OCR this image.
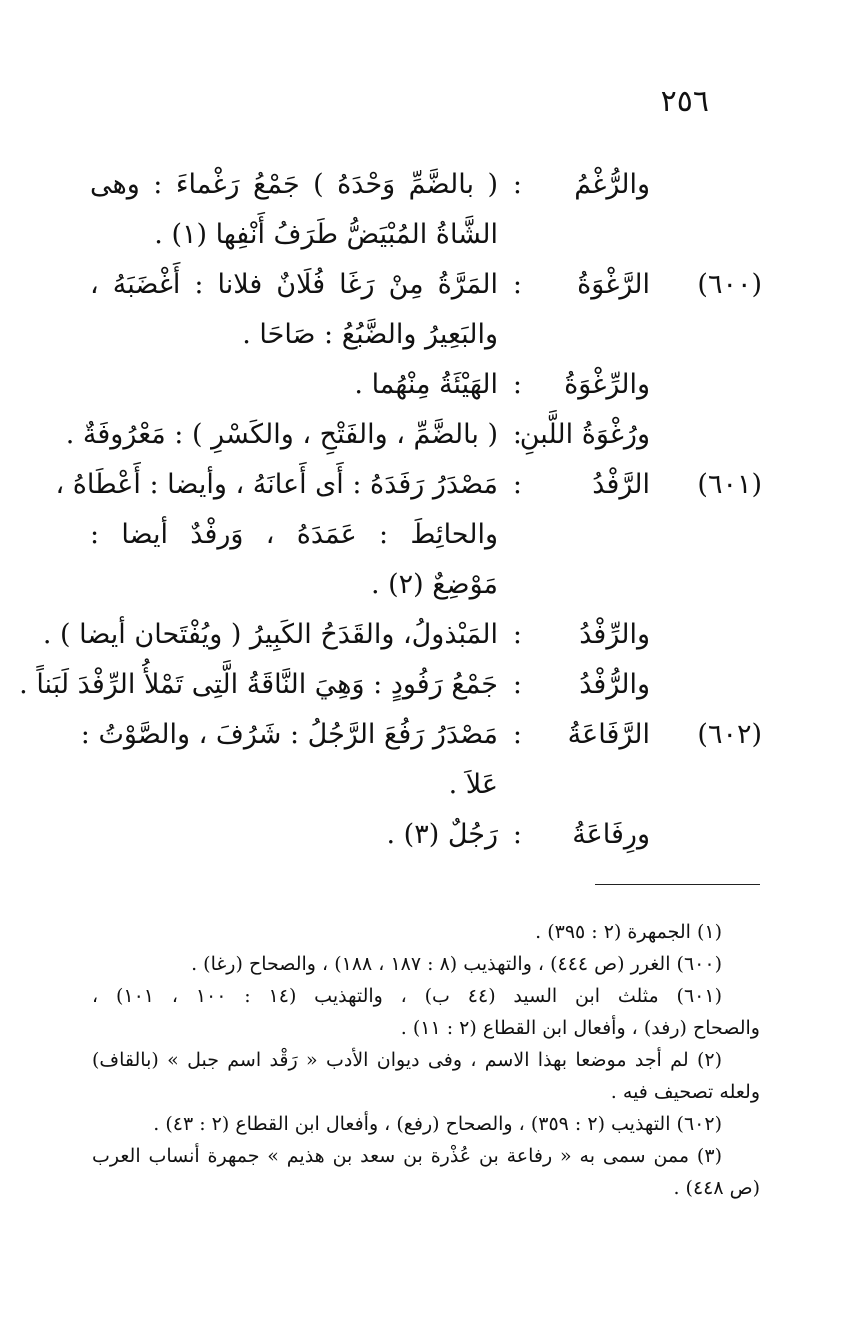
٢٥٦
والرُّغْمُ
:
( بالضَّمِّ وَحْدَهُ ) جَمْعُ رَغْماءَ : وهى
الشَّاةُ المُبْيَضُّ طَرَفُ أَنْفِها (١) .
(٦٠٠)
الرَّغْوَةُ
:
المَرَّةُ مِنْ رَغَا فُلَانٌ فلانا : أَغْضَبَهُ ،
والبَعِيرُ والضَّبُعُ : صَاحَا .
والرِّغْوَةُ
:
الهَيْئَةُ مِنْهُما .
ورُغْوَةُ اللَّبنِ
:
( بالضَّمِّ ، والفَتْحِ ، والكَسْرِ ) : مَعْرُوفَةٌ .
(٦٠١)
الرَّفْدُ
:
مَصْدَرُ رَفَدَهُ : أَى أَعانَهُ ، وأيضا : أَعْطَاهُ ،
والحائِطَ : عَمَدَهُ ، وَرفْدٌ أيضا :
مَوْضِعٌ (٢) .
والرِّفْدُ
:
المَبْذولُ، والقَدَحُ الكَبِيرُ ( ويُفْتَحان أيضا ) .
والرُّفْدُ
:
جَمْعُ رَفُودٍ : وَهِيَ النَّاقَةُ الَّتِى تَمْلأُ الرِّفْدَ لَبَناً .
(٦٠٢)
الرَّفَاعَةُ
:
مَصْدَرُ رَفُعَ الرَّجُلُ : شَرُفَ ، والصَّوْتُ :
عَلاَ .
ورِفَاعَةُ
:
رَجُلٌ (٣) .
(١) الجمهرة (٢ : ٣٩٥) .
(٦٠٠) الغرر (ص ٤٤٤) ، والتهذيب (٨ : ١٨٧ ، ١٨٨) ، والصحاح (رغا) .
(٦٠١) مثلث ابن السيد (٤٤ ب) ، والتهذيب (١٤ : ١٠٠ ، ١٠١) ،
والصحاح (رفد) ، وأفعال ابن القطاع (٢ : ١١) .
(٢) لم أجد موضعا بهذا الاسم ، وفى ديوان الأدب « رَقْد اسم جبل » (بالقاف)
ولعله تصحيف فيه .
(٦٠٢) التهذيب (٢ : ٣٥٩) ، والصحاح (رفع) ، وأفعال ابن القطاع (٢ : ٤٣) .
(٣) ممن سمى به « رفاعة بن عُذْرة بن سعد بن هذيم » جمهرة أنساب العرب
(ص ٤٤٨) .
